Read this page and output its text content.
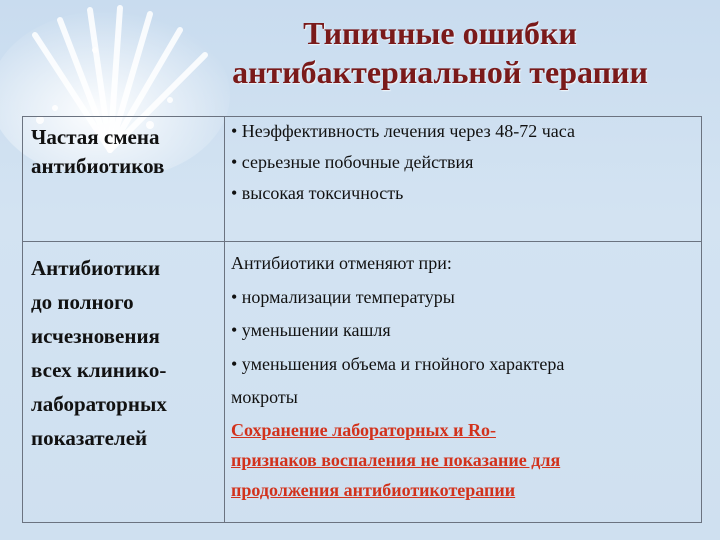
Типичные ошибки
антибактериальной терапии
Частая смена
антибиотиков
• Неэффективность лечения через 48-72 часа
• серьезные побочные действия
• высокая токсичность
Антибиотики
до полного
исчезновения
всех клинико-
лабораторных
показателей
Антибиотики отменяют при:
• нормализации температуры
• уменьшении кашля
• уменьшения объема и гнойного характера
мокроты
Сохранение лабораторных и Ro-
признаков воспаления не показание для
продолжения антибиотикотерапии
